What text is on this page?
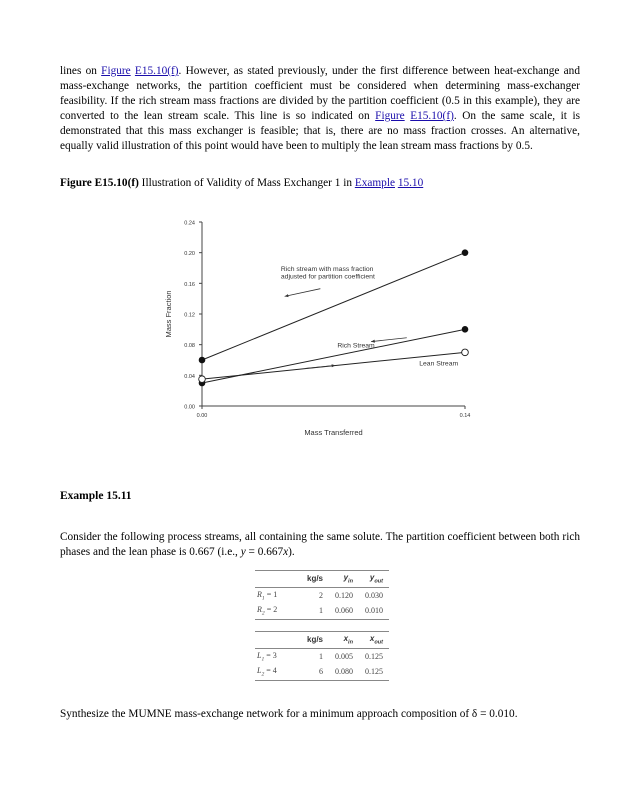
lines on Figure E15.10(f). However, as stated previously, under the first difference between heat-exchange and mass-exchange networks, the partition coefficient must be considered when determining mass-exchanger feasibility. If the rich stream mass fractions are divided by the partition coefficient (0.5 in this example), they are converted to the lean stream scale. This line is so indicated on Figure E15.10(f). On the same scale, it is demonstrated that this mass exchanger is feasible; that is, there are no mass fraction crosses. An alternative, equally valid illustration of this point would have been to multiply the lean stream mass fractions by 0.5.

Figure E15.10(f) Illustration of Validity of Mass Exchanger 1 in Example 15.10
0.00
0.04
0.08
0.12
0.16
0.20
0.24
0.00	0.14
Mass Transferred
Mass Fraction
Rich stream with mass fraction
adjusted for partition coefficient
Rich Stream
Lean Stream
Example 15.11
Consider the following process streams, all containing the same solute. The partition coefficient between both rich phases and the lean phase is 0.667 (i.e., y = 0.667x).
	kg/s	$y_{in}$	$y_{out}$
$R_1 = 1$	2	0.120	0.030
$R_2 = 2$	1	0.060	0.010
	kg/s	$x_{in}$	$x_{out}$
$L_1 = 3$	1	0.005	0.125
$L_2 = 4$	6	0.080	0.125
Synthesize the MUMNE mass-exchange network for a minimum approach composition of δ = 0.010.
